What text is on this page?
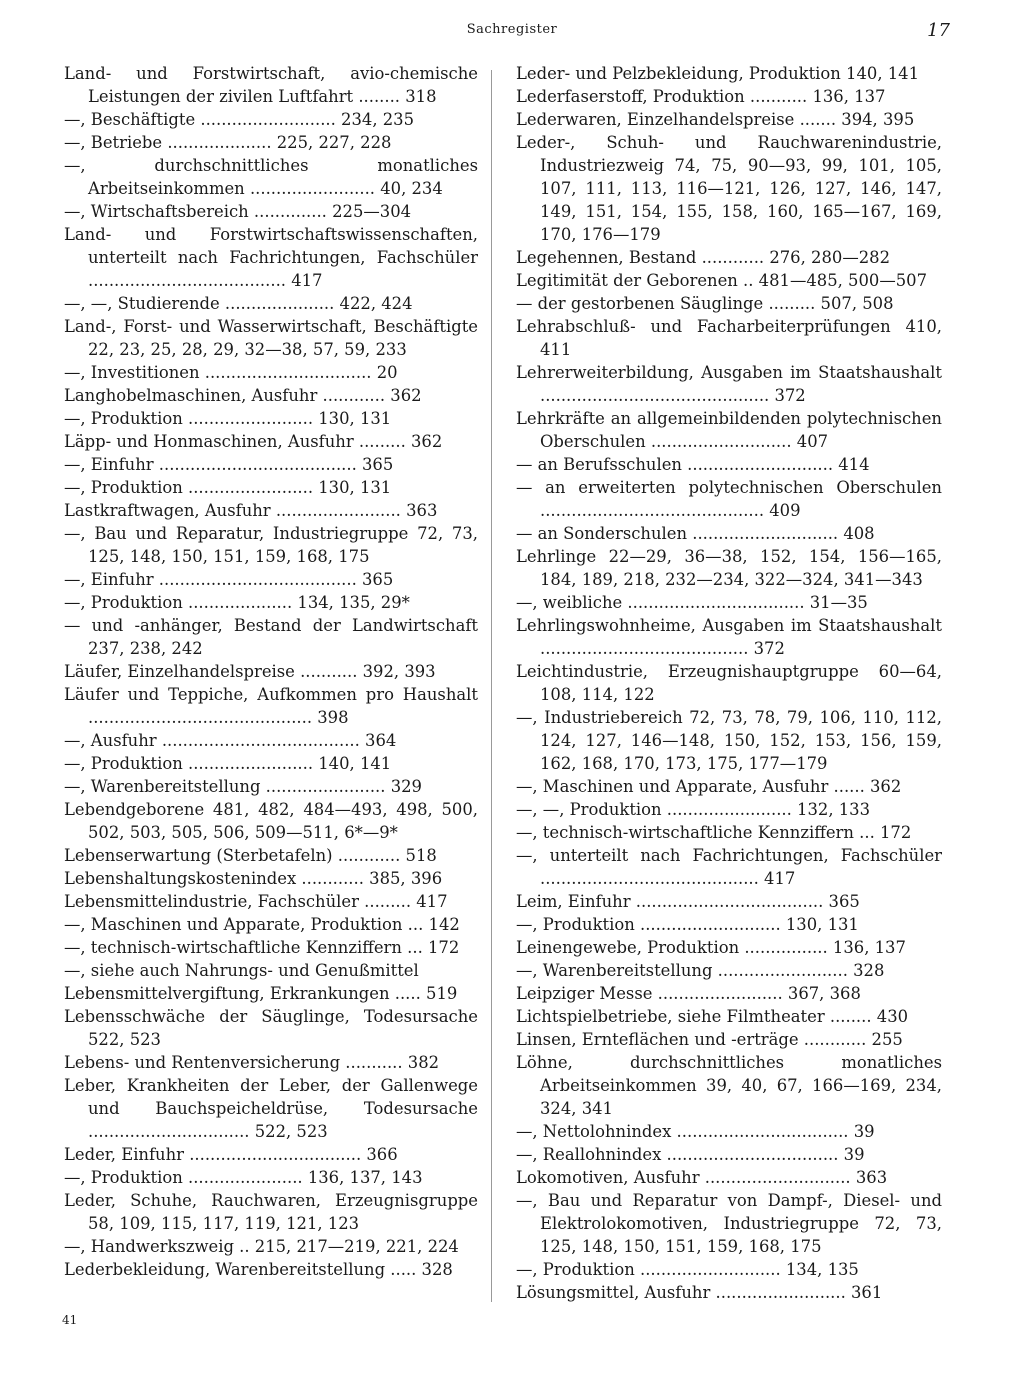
Sachregister	17
Land- und Forstwirtschaft, avio-chemische Leistungen der zivilen Luftfahrt ........ 318
—, Beschäftigte .......................... 234, 235
—, Betriebe .................... 225, 227, 228
—, durchschnittliches monatliches Arbeitseinkommen ........................ 40, 234
—, Wirtschaftsbereich .............. 225—304
Land- und Forstwirtschaftswissenschaften, unterteilt nach Fachrichtungen, Fachschüler ...................................... 417
—, —, Studierende ..................... 422, 424
Land-, Forst- und Wasserwirtschaft, Beschäftigte 22, 23, 25, 28, 29, 32—38, 57, 59, 233
—, Investitionen ................................ 20
Langhobelmaschinen, Ausfuhr ............ 362
—, Produktion ........................ 130, 131
Läpp- und Honmaschinen, Ausfuhr ......... 362
—, Einfuhr ...................................... 365
—, Produktion ........................ 130, 131
Lastkraftwagen, Ausfuhr ........................ 363
—, Bau und Reparatur, Industriegruppe 72, 73, 125, 148, 150, 151, 159, 168, 175
—, Einfuhr ...................................... 365
—, Produktion .................... 134, 135, 29*
— und -anhänger, Bestand der Landwirtschaft 237, 238, 242
Läufer, Einzelhandelspreise ........... 392, 393
Läufer und Teppiche, Aufkommen pro Haushalt ........................................... 398
—, Ausfuhr ...................................... 364
—, Produktion ........................ 140, 141
—, Warenbereitstellung ....................... 329
Lebendgeborene 481, 482, 484—493, 498, 500, 502, 503, 505, 506, 509—511, 6*—9*
Lebenserwartung (Sterbetafeln) ............ 518
Lebenshaltungskostenindex ............ 385, 396
Lebensmittelindustrie, Fachschüler ......... 417
—, Maschinen und Apparate, Produktion ... 142
—, technisch-wirtschaftliche Kennziffern ... 172
—, siehe auch Nahrungs- und Genußmittel
Lebensmittelvergiftung, Erkrankungen ..... 519
Lebensschwäche der Säuglinge, Todesursache 522, 523
Lebens- und Rentenversicherung ........... 382
Leber, Krankheiten der Leber, der Gallenwege und Bauchspeicheldrüse, Todesursache ............................... 522, 523
Leder, Einfuhr ................................. 366
—, Produktion ...................... 136, 137, 143
Leder, Schuhe, Rauchwaren, Erzeugnisgruppe 58, 109, 115, 117, 119, 121, 123
—, Handwerkszweig .. 215, 217—219, 221, 224
Lederbekleidung, Warenbereitstellung ..... 328
Leder- und Pelzbekleidung, Produktion 140, 141
Lederfaserstoff, Produktion ........... 136, 137
Lederwaren, Einzelhandelspreise ....... 394, 395
Leder-, Schuh- und Rauchwarenindustrie, Industriezweig 74, 75, 90—93, 99, 101, 105, 107, 111, 113, 116—121, 126, 127, 146, 147, 149, 151, 154, 155, 158, 160, 165—167, 169, 170, 176—179
Legehennen, Bestand ............ 276, 280—282
Legitimität der Geborenen .. 481—485, 500—507
— der gestorbenen Säuglinge ......... 507, 508
Lehrabschluß- und Facharbeiterprüfungen 410, 411
Lehrerweiterbildung, Ausgaben im Staatshaushalt ............................................ 372
Lehrkräfte an allgemeinbildenden polytechnischen Oberschulen ........................... 407
— an Berufsschulen ............................ 414
— an erweiterten polytechnischen Oberschulen ........................................... 409
— an Sonderschulen ............................ 408
Lehrlinge 22—29, 36—38, 152, 154, 156—165, 184, 189, 218, 232—234, 322—324, 341—343
—, weibliche .................................. 31—35
Lehrlingswohnheime, Ausgaben im Staatshaushalt ........................................ 372
Leichtindustrie, Erzeugnishauptgruppe 60—64, 108, 114, 122
—, Industriebereich 72, 73, 78, 79, 106, 110, 112, 124, 127, 146—148, 150, 152, 153, 156, 159, 162, 168, 170, 173, 175, 177—179
—, Maschinen und Apparate, Ausfuhr ...... 362
—, —, Produktion ........................ 132, 133
—, technisch-wirtschaftliche Kennziffern ... 172
—, unterteilt nach Fachrichtungen, Fachschüler .......................................... 417
Leim, Einfuhr .................................... 365
—, Produktion ........................... 130, 131
Leinengewebe, Produktion ................ 136, 137
—, Warenbereitstellung ......................... 328
Leipziger Messe ........................ 367, 368
Lichtspielbetriebe, siehe Filmtheater ........ 430
Linsen, Ernteflächen und -erträge ............ 255
Löhne, durchschnittliches monatliches Arbeitseinkommen 39, 40, 67, 166—169, 234, 324, 341
—, Nettolohnindex ................................. 39
—, Reallohnindex ................................. 39
Lokomotiven, Ausfuhr ............................ 363
—, Bau und Reparatur von Dampf-, Diesel- und Elektrolokomotiven, Industriegruppe 72, 73, 125, 148, 150, 151, 159, 168, 175
—, Produktion ........................... 134, 135
Lösungsmittel, Ausfuhr ......................... 361
41
